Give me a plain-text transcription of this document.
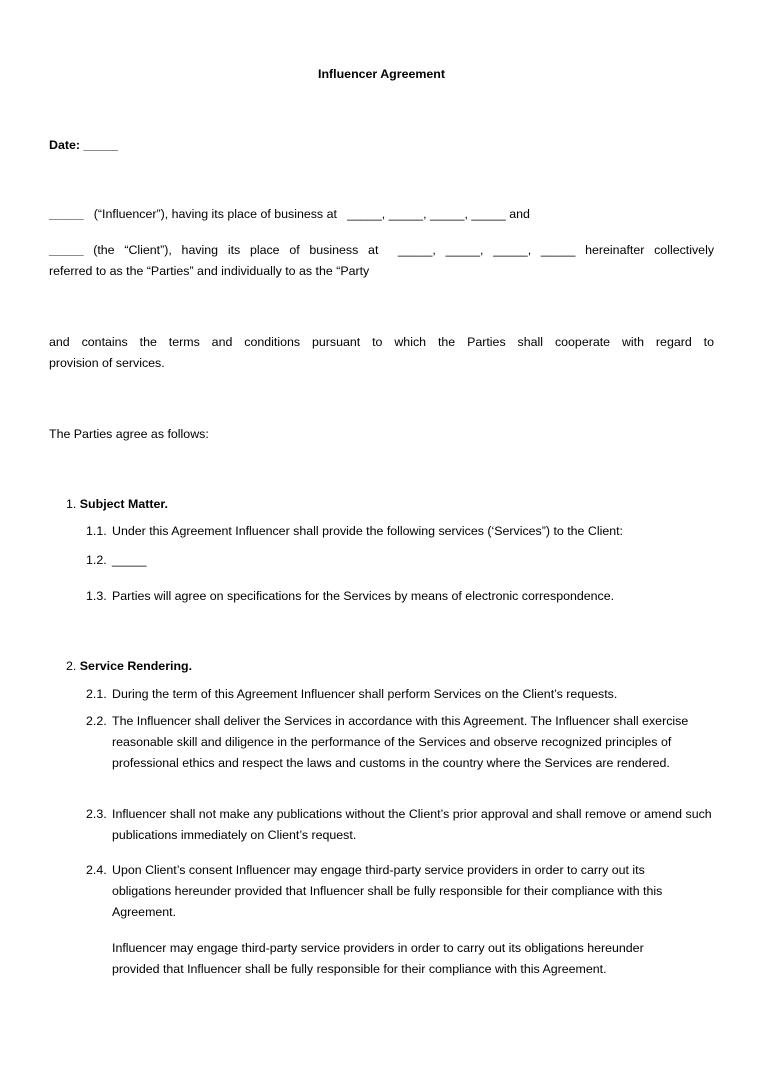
Influencer Agreement
Date: _____
_____ (“Influencer”), having its place of business at _____, _____, _____, _____ and
_____ (the “Client”), having its place of business at _____, _____, _____, _____ hereinafter collectively
referred to as the “Parties” and individually to as the “Party
and contains the terms and conditions pursuant to which the Parties shall cooperate with regard to
provision of services.
The Parties agree as follows:
1. Subject Matter.
1.1. Under this Agreement Influencer shall provide the following services (‘Services”) to the Client:
1.2. _____
1.3. Parties will agree on specifications for the Services by means of electronic correspondence.
2. Service Rendering.
2.1. During the term of this Agreement Influencer shall perform Services on the Client’s requests.
2.2. The Influencer shall deliver the Services in accordance with this Agreement. The Influencer shall exercise reasonable skill and diligence in the performance of the Services and observe recognized principles of professional ethics and respect the laws and customs in the country where the Services are rendered.
2.3. Influencer shall not make any publications without the Client’s prior approval and shall remove or amend such publications immediately on Client’s request.
2.4. Upon Client’s consent Influencer may engage third-party service providers in order to carry out its obligations hereunder provided that Influencer shall be fully responsible for their compliance with this Agreement.
Influencer may engage third-party service providers in order to carry out its obligations hereunder provided that Influencer shall be fully responsible for their compliance with this Agreement.
